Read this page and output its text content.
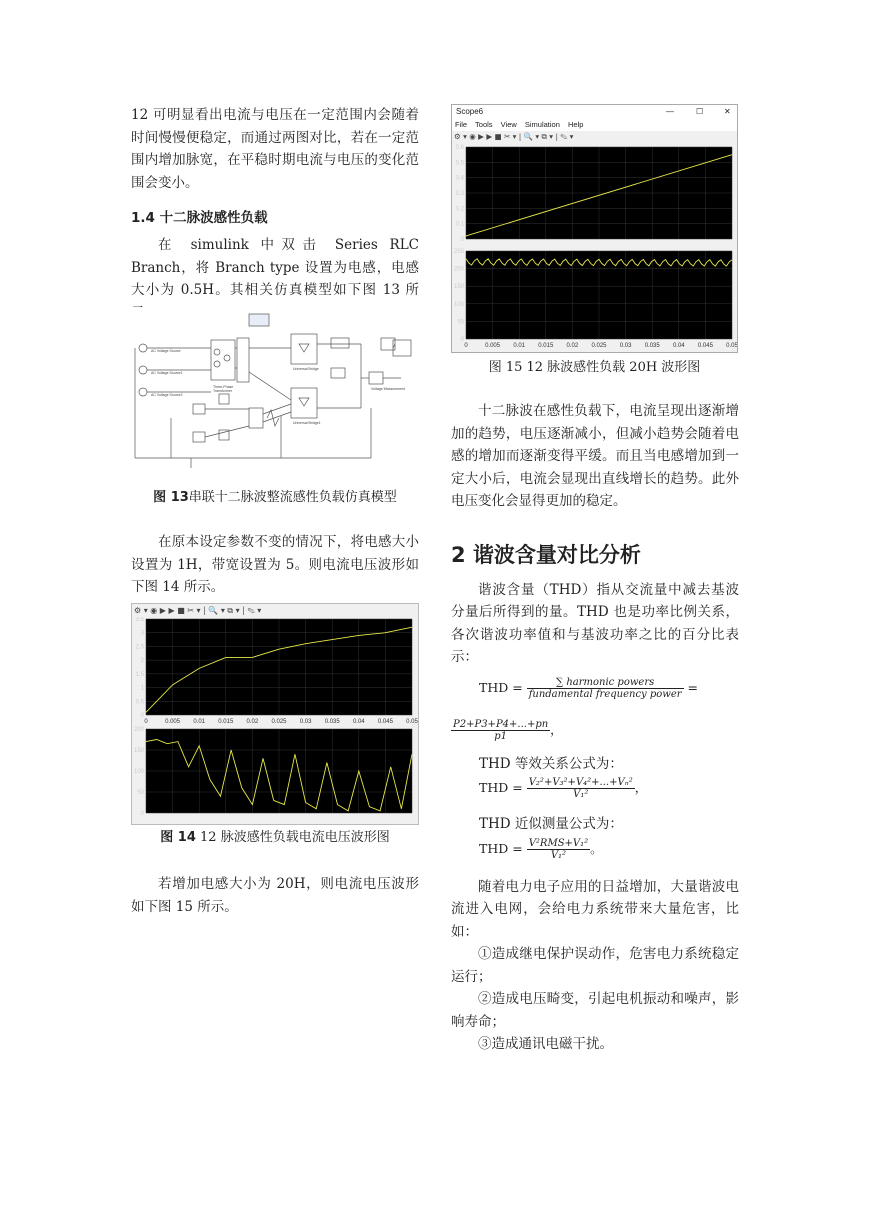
12 可明显看出电流与电压在一定范围内会随着时间慢慢便稳定，而通过两图对比，若在一定范围内增加脉宽，在平稳时期电流与电压的变化范围会变小。

1.4 十二脉波感性负载

在 simulink 中双击 Series RLC Branch，将 Branch type 设置为电感，电感大小为 0.5H。其相关仿真模型如下图 13 所

AC Voltage Source
AC Voltage Source1
AC Voltage Source2
Three-Phase
Transformer
Universal Bridge
Universal Bridge1
Voltage Measurement
图 13串联十二脉波整流感性负载仿真模型

在原本设定参数不变的情况下，将电感大小设置为 1H，带宽设置为 5。则电流电压波形如下图 14 所示。

⚙ ▾ ◉ ▶ ▶ ■ ✂ ▾ | 🔍 ▾ ⧉ ▾ | ✎ ▾
0
0.5
1
1.5
2
2.5
3
3.5
0	0.005 0.01 0.015 0.02 0.025 0.03 0.035 0.04 0.045 0.05
0
50
100
150
200
图 14 12 脉波感性负载电流电压波形图

若增加电感大小为 20H，则电流电压波形如下图 15 所示。

Scope6	—	☐	✕
File Tools View Simulation Help
⚙ ▾ ◉ ▶ ▶ ■ ✂ ▾ | 🔍 ▾ ⧉ ▾ | ✎ ▾
0
0.1
0.2
0.3
0.4
0.5
0.6
0
50
100
150
200
250
0	0.005 0.01 0.015 0.02 0.025 0.03 0.035 0.04 0.045 0.05
图 15 12 脉波感性负载 20H 波形图

十二脉波在感性负载下，电流呈现出逐渐增加的趋势，电压逐渐减小，但减小趋势会随着电感的增加而逐渐变得平缓。而且当电感增加到一定大小后，电流会显现出直线增长的趋势。此外电压变化会显得更加的稳定。

2 谐波含量对比分析

谐波含量（THD）指从交流量中减去基波分量后所得到的量。THD 也是功率比例关系，各次谐波功率值和与基波功率之比的百分比表示：

THD = $\frac{\text{∑ harmonic powers}}{\text{fundamental frequency power}}$ =
$\frac{P2+P3+P4+...+pn}{p1}$ ，

THD 等效关系公式为：

THD = $\frac{\text{V₂²+V₃²+V₄²+...+Vₙ²}}{\text{V₁²}}$ ，

THD 近似测量公式为：

THD = $\frac{\text{V²RMS+V₁²}}{\text{V₁²}}$ 。

随着电力电子应用的日益增加，大量谐波电流进入电网，会给电力系统带来大量危害，比如：

①造成继电保护误动作，危害电力系统稳定运行；

②造成电压畸变，引起电机振动和噪声，影响寿命；

③造成通讯电磁干扰。
